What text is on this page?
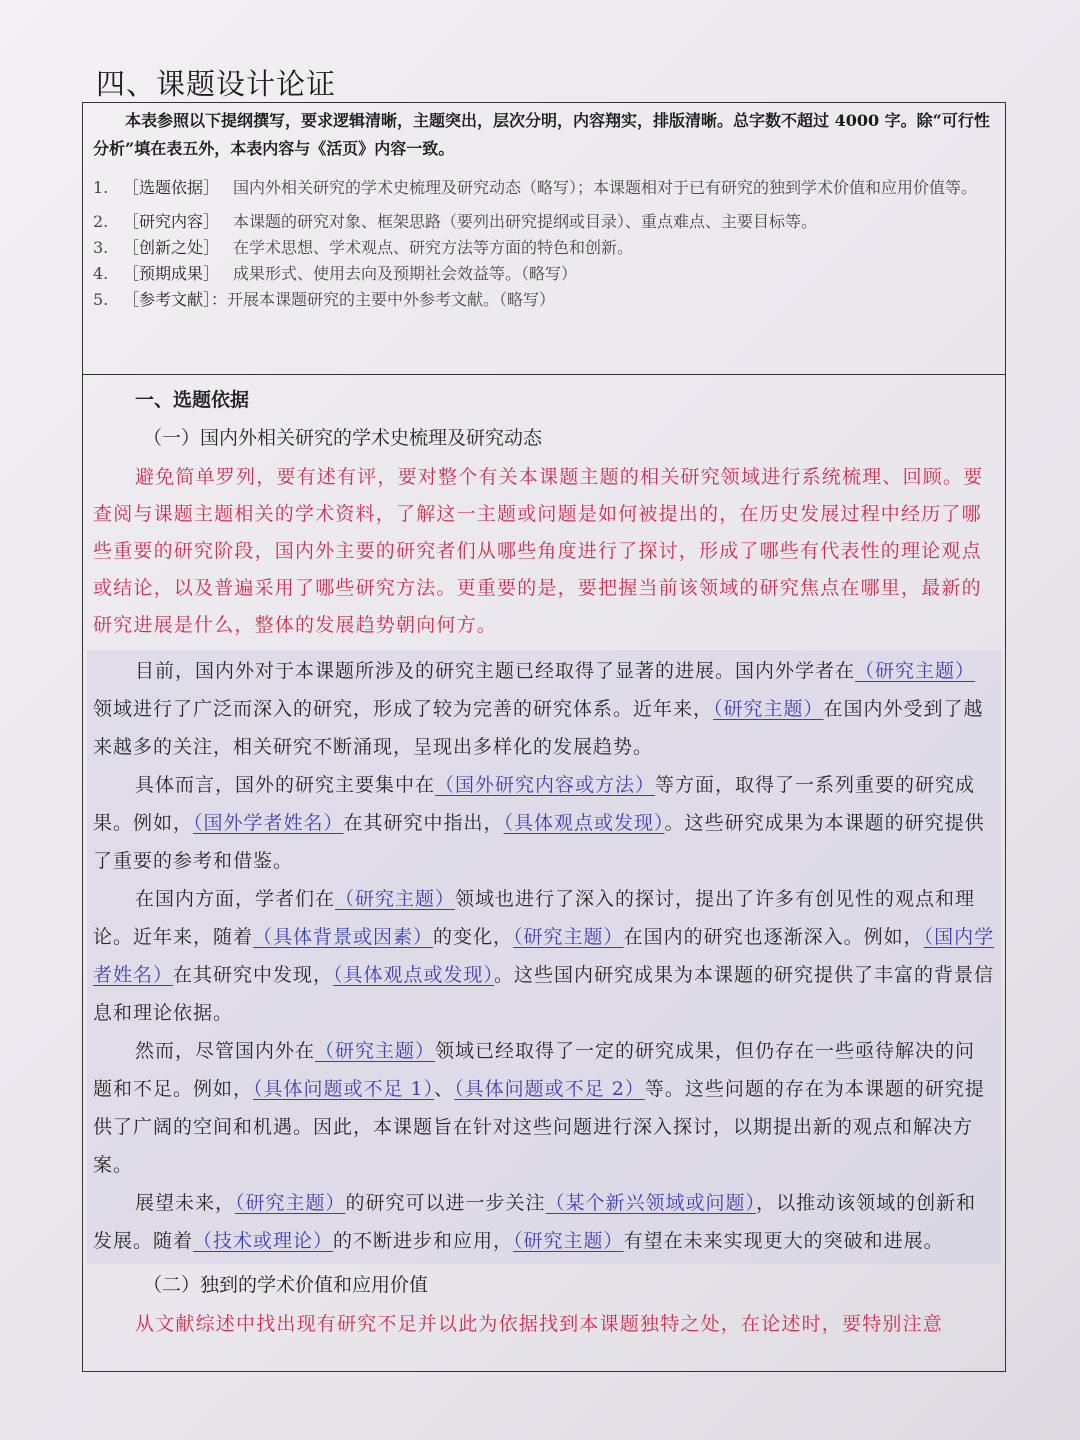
四、课题设计论证

本表参照以下提纲撰写，要求逻辑清晰，主题突出，层次分明，内容翔实，排版清晰。总字数不超过 4000 字。除“可行性分析”填在表五外，本表内容与《活页》内容一致。

1. ［选题依据］ 国内外相关研究的学术史梳理及研究动态（略写）；本课题相对于已有研究的独到学术价值和应用价值等。
2. ［研究内容］ 本课题的研究对象、框架思路（要列出研究提纲或目录）、重点难点、主要目标等。
3. ［创新之处］ 在学术思想、学术观点、研究方法等方面的特色和创新。
4. ［预期成果］ 成果形式、使用去向及预期社会效益等。（略写）
5. ［参考文献］：开展本课题研究的主要中外参考文献。（略写）
一、选题依据
（一）国内外相关研究的学术史梳理及研究动态

避免简单罗列，要有述有评，要对整个有关本课题主题的相关研究领域进行系统梳理、回顾。要查阅与课题主题相关的学术资料，了解这一主题或问题是如何被提出的，在历史发展过程中经历了哪些重要的研究阶段，国内外主要的研究者们从哪些角度进行了探讨，形成了哪些有代表性的理论观点或结论，以及普遍采用了哪些研究方法。更重要的是，要把握当前该领域的研究焦点在哪里，最新的研究进展是什么，整体的发展趋势朝向何方。

目前，国内外对于本课题所涉及的研究主题已经取得了显著的进展。国内外学者在（研究主题）领域进行了广泛而深入的研究，形成了较为完善的研究体系。近年来，（研究主题）在国内外受到了越来越多的关注，相关研究不断涌现，呈现出多样化的发展趋势。

具体而言，国外的研究主要集中在（国外研究内容或方法）等方面，取得了一系列重要的研究成果。例如，（国外学者姓名）在其研究中指出，（具体观点或发现）。这些研究成果为本课题的研究提供了重要的参考和借鉴。

在国内方面，学者们在（研究主题）领域也进行了深入的探讨，提出了许多有创见性的观点和理论。近年来，随着（具体背景或因素）的变化，（研究主题）在国内的研究也逐渐深入。例如，（国内学者姓名）在其研究中发现，（具体观点或发现）。这些国内研究成果为本课题的研究提供了丰富的背景信息和理论依据。

然而，尽管国内外在（研究主题）领域已经取得了一定的研究成果，但仍存在一些亟待解决的问题和不足。例如，（具体问题或不足 1）、（具体问题或不足 2）等。这些问题的存在为本课题的研究提供了广阔的空间和机遇。因此，本课题旨在针对这些问题进行深入探讨，以期提出新的观点和解决方案。

展望未来，（研究主题）的研究可以进一步关注（某个新兴领域或问题），以推动该领域的创新和发展。随着（技术或理论）的不断进步和应用，（研究主题）有望在未来实现更大的突破和进展。

（二）独到的学术价值和应用价值

从文献综述中找出现有研究不足并以此为依据找到本课题独特之处，在论述时，要特别注意
